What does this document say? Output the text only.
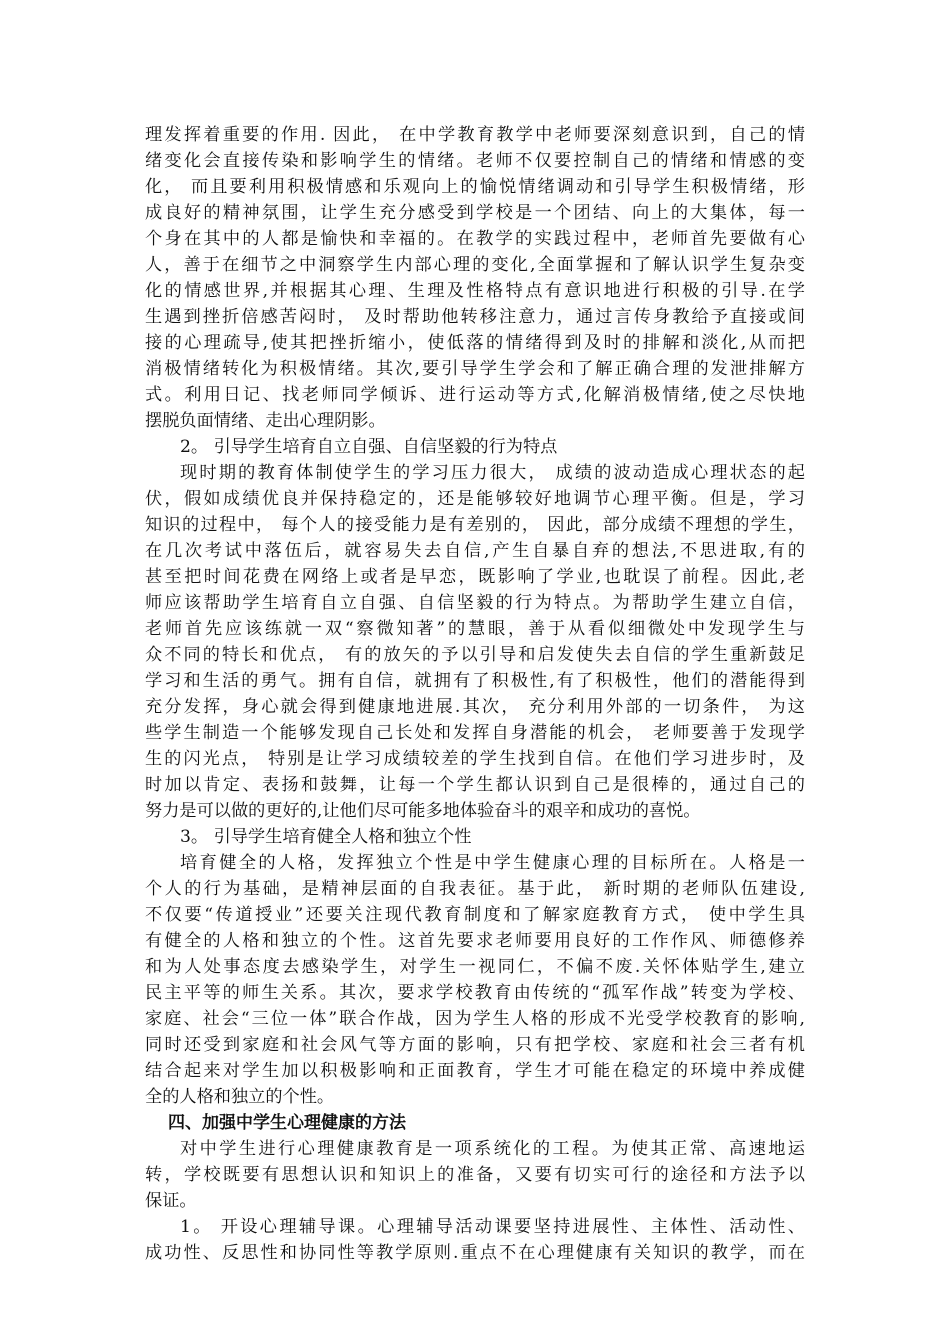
理发挥着重要的作用. 因此， 在中学教育教学中老师要深刻意识到，自己的情
绪变化会直接传染和影响学生的情绪。老师不仅要控制自己的情绪和情感的变
化， 而且要利用积极情感和乐观向上的愉悦情绪调动和引导学生积极情绪，形
成良好的精神氛围，让学生充分感受到学校是一个团结、向上的大集体，每一
个身在其中的人都是愉快和幸福的。在教学的实践过程中，老师首先要做有心
人，善于在细节之中洞察学生内部心理的变化,全面掌握和了解认识学生复杂变
化的情感世界,并根据其心理、生理及性格特点有意识地进行积极的引导.在学
生遇到挫折倍感苦闷时， 及时帮助他转移注意力，通过言传身教给予直接或间
接的心理疏导,使其把挫折缩小，使低落的情绪得到及时的排解和淡化,从而把
消极情绪转化为积极情绪。其次,要引导学生学会和了解正确合理的发泄排解方
式。利用日记、找老师同学倾诉、进行运动等方式,化解消极情绪,使之尽快地
摆脱负面情绪、走出心理阴影。
2。 引导学生培育自立自强、自信坚毅的行为特点
现时期的教育体制使学生的学习压力很大， 成绩的波动造成心理状态的起
伏，假如成绩优良并保持稳定的，还是能够较好地调节心理平衡。但是，学习
知识的过程中， 每个人的接受能力是有差别的， 因此，部分成绩不理想的学生，
在几次考试中落伍后，就容易失去自信,产生自暴自弃的想法,不思进取,有的
甚至把时间花费在网络上或者是早恋，既影响了学业,也耽误了前程。因此,老
师应该帮助学生培育自立自强、自信坚毅的行为特点。为帮助学生建立自信，
老师首先应该练就一双“察微知著”的慧眼，善于从看似细微处中发现学生与
众不同的特长和优点， 有的放矢的予以引导和启发使失去自信的学生重新鼓足
学习和生活的勇气。拥有自信，就拥有了积极性,有了积极性，他们的潜能得到
充分发挥，身心就会得到健康地进展.其次， 充分利用外部的一切条件， 为这
些学生制造一个能够发现自己长处和发挥自身潜能的机会， 老师要善于发现学
生的闪光点， 特别是让学习成绩较差的学生找到自信。在他们学习进步时，及
时加以肯定、表扬和鼓舞，让每一个学生都认识到自己是很棒的，通过自己的
努力是可以做的更好的,让他们尽可能多地体验奋斗的艰辛和成功的喜悦。
3。 引导学生培育健全人格和独立个性
培育健全的人格，发挥独立个性是中学生健康心理的目标所在。人格是一
个人的行为基础，是精神层面的自我表征。基于此， 新时期的老师队伍建设,
不仅要“传道授业”还要关注现代教育制度和了解家庭教育方式， 使中学生具
有健全的人格和独立的个性。这首先要求老师要用良好的工作作风、师德修养
和为人处事态度去感染学生，对学生一视同仁，不偏不废.关怀体贴学生,建立
民主平等的师生关系。其次，要求学校教育由传统的“孤军作战”转变为学校、
家庭、社会“三位一体”联合作战，因为学生人格的形成不光受学校教育的影响,
同时还受到家庭和社会风气等方面的影响，只有把学校、家庭和社会三者有机
结合起来对学生加以积极影响和正面教育，学生才可能在稳定的环境中养成健
全的人格和独立的个性。
四、加强中学生心理健康的方法
对中学生进行心理健康教育是一项系统化的工程。为使其正常、高速地运
转，学校既要有思想认识和知识上的准备，又要有切实可行的途径和方法予以
保证。
1。 开设心理辅导课。心理辅导活动课要坚持进展性、主体性、活动性、
成功性、反思性和协同性等教学原则.重点不在心理健康有关知识的教学，而在
